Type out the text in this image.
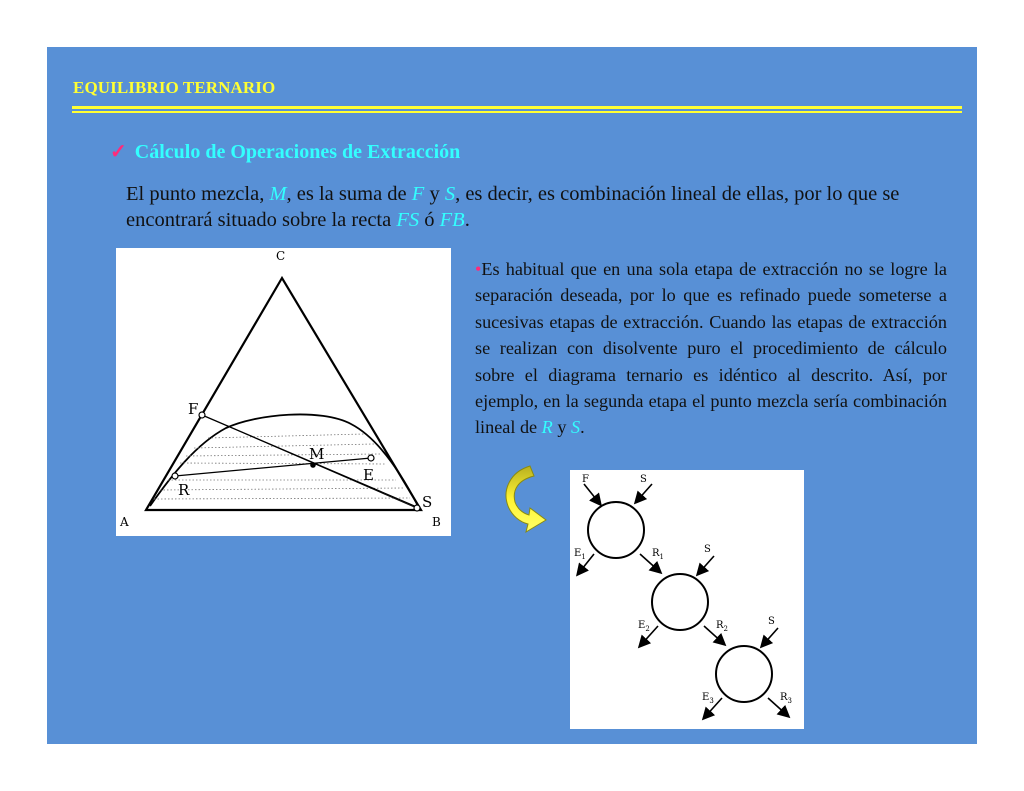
EQUILIBRIO TERNARIO
✓ Cálculo de Operaciones de Extracción
El punto mezcla, M, es la suma de F y S, es decir, es combinación lineal de ellas, por lo que se encontrará situado sobre la recta FS ó FB.
•Es habitual que en una sola etapa de extracción no se logre la separación deseada, por lo que es refinado puede someterse a sucesivas etapas de extracción. Cuando las etapas de extracción se realizan con disolvente puro el procedimiento de cálculo sobre el diagrama ternario es idéntico al descrito. Así, por ejemplo, en la segunda etapa el punto mezcla sería combinación lineal de R y S.
C
A	B
F
M
E
R
S
F	S
$E_1$	$R_1$
S
$E_2$	$R_2$
S
$E_3$	$R_3$
